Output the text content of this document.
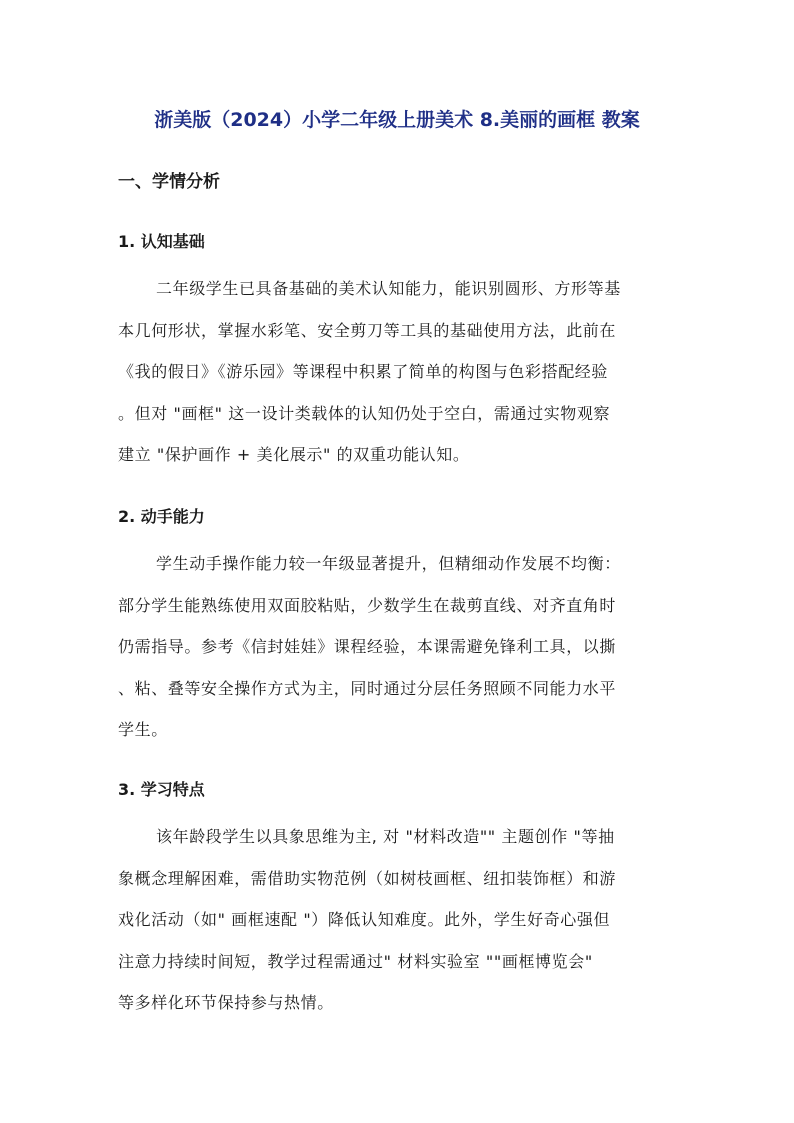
浙美版（2024）小学二年级上册美术 8.美丽的画框 教案
一、学情分析
1. 认知基础
二年级学生已具备基础的美术认知能力，能识别圆形、方形等基
本几何形状，掌握水彩笔、安全剪刀等工具的基础使用方法，此前在
《我的假日》《游乐园》等课程中积累了简单的构图与色彩搭配经验
。但对 "画框" 这一设计类载体的认知仍处于空白，需通过实物观察
建立 "保护画作 + 美化展示" 的双重功能认知。
2. 动手能力
学生动手操作能力较一年级显著提升，但精细动作发展不均衡：
部分学生能熟练使用双面胶粘贴，少数学生在裁剪直线、对齐直角时
仍需指导。参考《信封娃娃》课程经验，本课需避免锋利工具，以撕
、粘、叠等安全操作方式为主，同时通过分层任务照顾不同能力水平
学生。
3. 学习特点
该年龄段学生以具象思维为主, 对 "材料改造"" 主题创作 "等抽
象概念理解困难，需借助实物范例（如树枝画框、纽扣装饰框）和游
戏化活动（如" 画框速配 "）降低认知难度。此外，学生好奇心强但
注意力持续时间短，教学过程需通过" 材料实验室 ""画框博览会"
等多样化环节保持参与热情。
